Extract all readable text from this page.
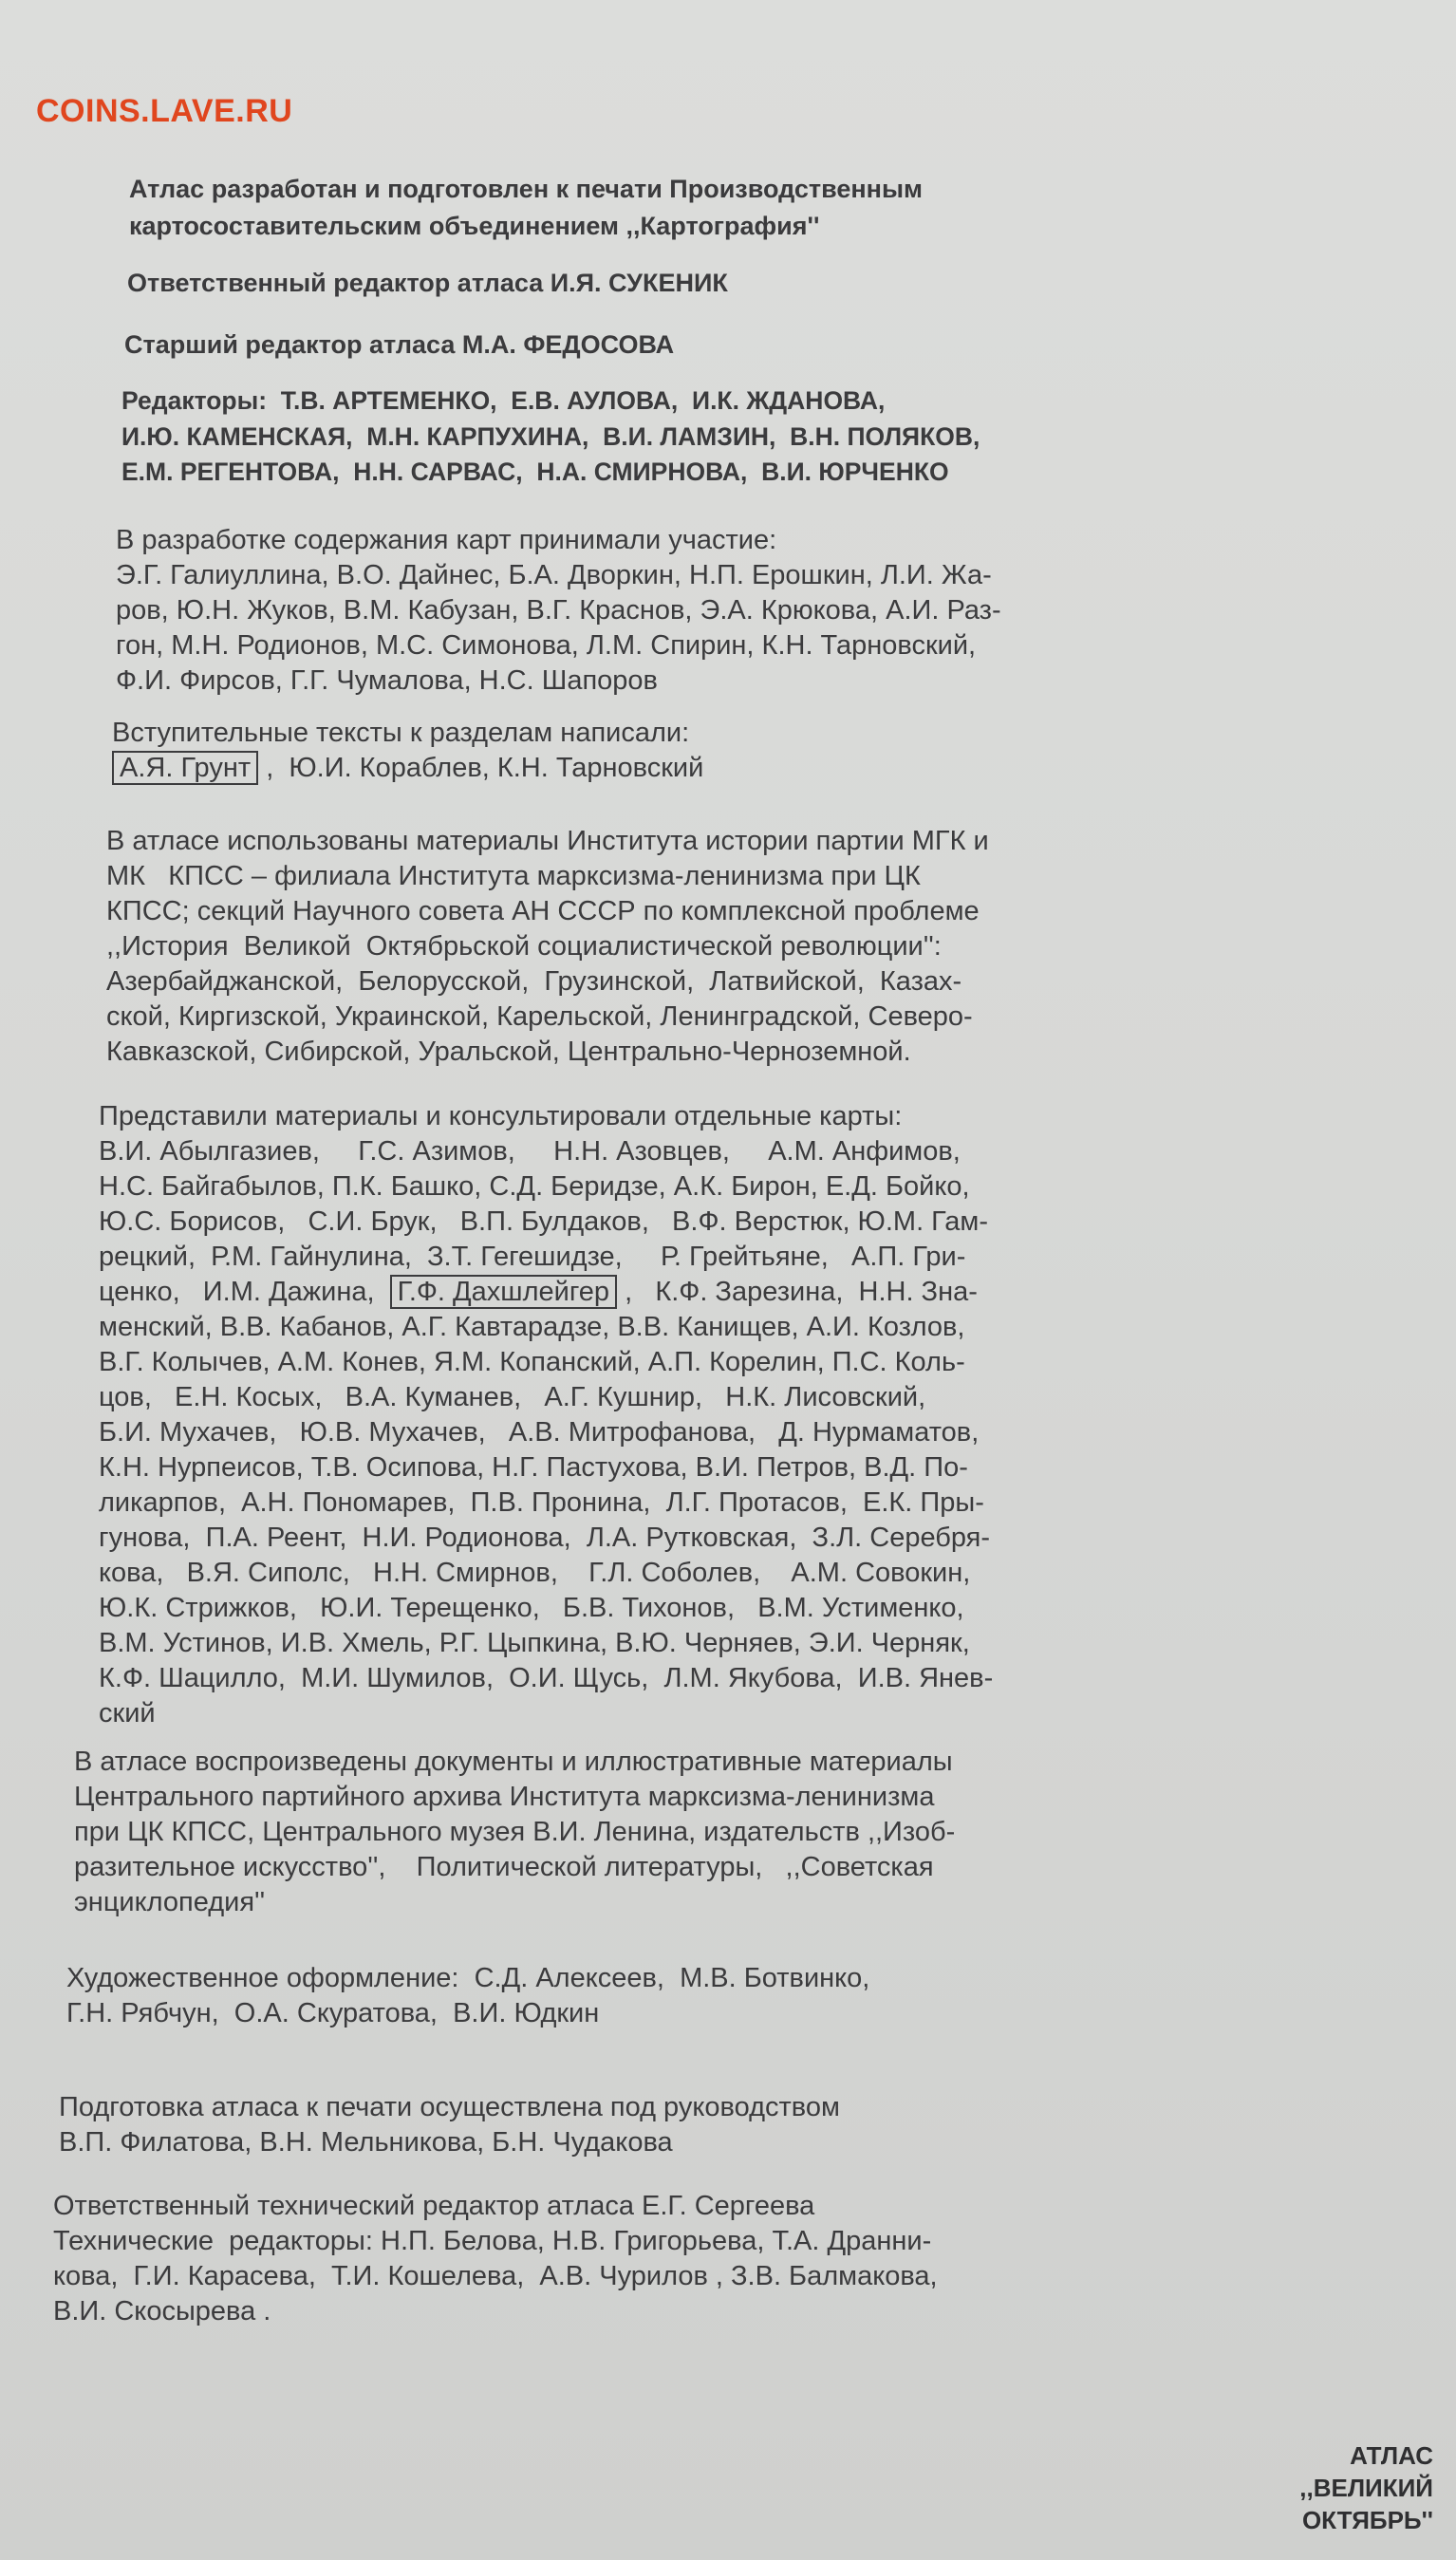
COINS.LAVE.RU
Атлас разработан и подготовлен к печати Производственным
картосоставительским объединением ,,Картография''
Ответственный редактор атласа И.Я. СУКЕНИК
Старший редактор атласа М.А. ФЕДОСОВА
Редакторы:  Т.В. АРТЕМЕНКО,  Е.В. АУЛОВА,  И.К. ЖДАНОВА,
И.Ю. КАМЕНСКАЯ,  М.Н. КАРПУХИНА,  В.И. ЛАМЗИН,  В.Н. ПОЛЯКОВ,
Е.М. РЕГЕНТОВА,  Н.Н. САРВАС,  Н.А. СМИРНОВА,  В.И. ЮРЧЕНКО
В разработке содержания карт принимали участие:
Э.Г. Галиуллина, В.О. Дайнес, Б.А. Дворкин, Н.П. Ерошкин, Л.И. Жа-
ров, Ю.Н. Жуков, В.М. Кабузан, В.Г. Краснов, Э.А. Крюкова, А.И. Раз-
гон, М.Н. Родионов, М.С. Симонова, Л.М. Спирин, К.Н. Тарновский,
Ф.И. Фирсов, Г.Г. Чумалова, Н.С. Шапоров
Вступительные тексты к разделам написали:
А.Я. Грунт ,  Ю.И. Кораблев, К.Н. Тарновский
В атласе использованы материалы Института истории партии МГК и
МК   КПСС – филиала Института марксизма-ленинизма при ЦК
КПСС; секций Научного совета АН СССР по комплексной проблеме
,,История  Великой  Октябрьской социалистической революции'':
Азербайджанской,  Белорусской,  Грузинской,  Латвийской,  Казах-
ской, Киргизской, Украинской, Карельской, Ленинградской, Северо-
Кавказской, Сибирской, Уральской, Центрально-Черноземной.
Представили материалы и консультировали отдельные карты:
В.И. Абылгазиев,     Г.С. Азимов,     Н.Н. Азовцев,     А.М. Анфимов,
Н.С. Байгабылов, П.К. Башко, С.Д. Беридзе, А.К. Бирон, Е.Д. Бойко,
Ю.С. Борисов,   С.И. Брук,   В.П. Булдаков,   В.Ф. Верстюк, Ю.М. Гам-
рецкий,  Р.М. Гайнулина,  З.Т. Гегешидзе,     Р. Грейтьяне,   А.П. Гри-
ценко,   И.М. Дажина,  Г.Ф. Дахшлейгер ,   К.Ф. Зарезина,  Н.Н. Зна-
менский, В.В. Кабанов, А.Г. Кавтарадзе, В.В. Канищев, А.И. Козлов,
В.Г. Колычев, А.М. Конев, Я.М. Копанский, А.П. Корелин, П.С. Коль-
цов,   Е.Н. Косых,   В.А. Куманев,   А.Г. Кушнир,   Н.К. Лисовский,
Б.И. Мухачев,   Ю.В. Мухачев,   А.В. Митрофанова,   Д. Нурмаматов,
К.Н. Нурпеисов, Т.В. Осипова, Н.Г. Пастухова, В.И. Петров, В.Д. По-
ликарпов,  А.Н. Пономарев,  П.В. Пронина,  Л.Г. Протасов,  Е.К. Пры-
гунова,  П.А. Реент,  Н.И. Родионова,  Л.А. Рутковская,  З.Л. Серебря-
кова,   В.Я. Сиполс,   Н.Н. Смирнов,    Г.Л. Соболев,    А.М. Совокин,
Ю.К. Стрижков,   Ю.И. Терещенко,   Б.В. Тихонов,   В.М. Устименко,
В.М. Устинов, И.В. Хмель, Р.Г. Цыпкина, В.Ю. Черняев, Э.И. Черняк,
К.Ф. Шацилло,  М.И. Шумилов,  О.И. Щусь,  Л.М. Якубова,  И.В. Янев-
ский
В атласе воспроизведены документы и иллюстративные материалы
Центрального партийного архива Института марксизма-ленинизма
при ЦК КПСС, Центрального музея В.И. Ленина, издательств ,,Изоб-
разительное искусство'',    Политической литературы,   ,,Советская
энциклопедия''
Художественное оформление:  С.Д. Алексеев,  М.В. Ботвинко,
Г.Н. Рябчун,  О.А. Скуратова,  В.И. Юдкин
Подготовка атласа к печати осуществлена под руководством
В.П. Филатова, В.Н. Мельникова, Б.Н. Чудакова
Ответственный технический редактор атласа Е.Г. Сергеева
Технические  редакторы: Н.П. Белова, Н.В. Григорьева, Т.А. Дранни-
кова,  Г.И. Карасева,  Т.И. Кошелева,  А.В. Чурилов , З.В. Балмакова,
В.И. Скосырева .
АТЛАС
,,ВЕЛИКИЙ
ОКТЯБРЬ''
